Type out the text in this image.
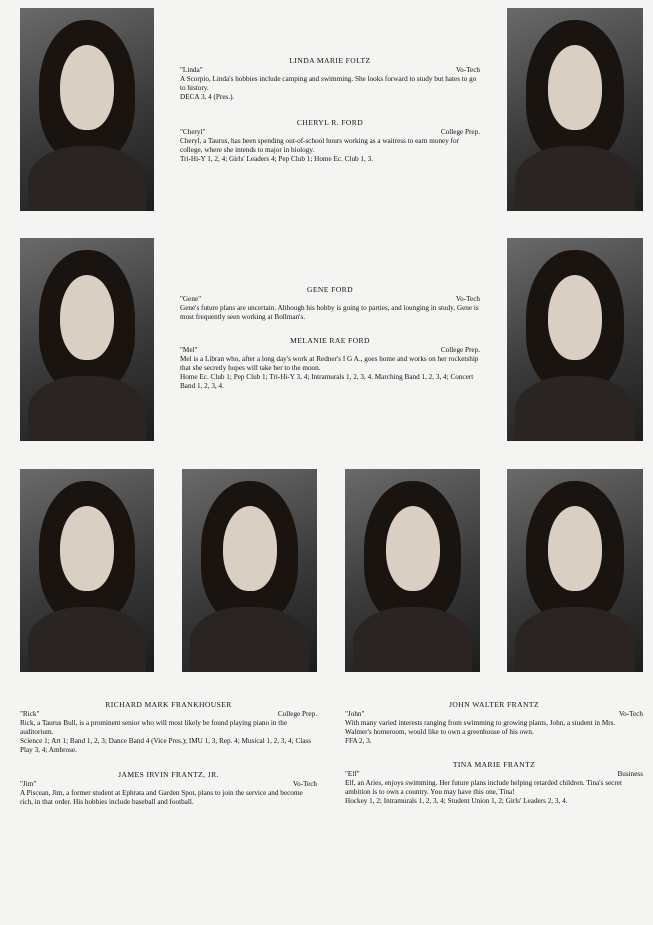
LINDA MARIE FOLTZ
"Linda"	Vo-Tech

A Scorpio, Linda's hobbies include camping and swimming. She looks forward to study but hates to go to history.

DECA 3, 4 (Pres.).

CHERYL R. FORD
"Cheryl"	College Prep.

Cheryl, a Taurus, has been spending out-of-school hours working as a waitress to earn money for college, where she intends to major in biology.

Tri-Hi-Y 1, 2, 4; Girls' Leaders 4; Pep Club 1; Home Ec. Club 1, 3.

GENE FORD
"Gene"	Vo-Tech

Gene's future plans are uncertain. Although his hobby is going to parties, and lounging in study, Gene is most frequently seen working at Bollman's.

MELANIE RAE FORD
"Mel"	College Prep.

Mel is a Libran who, after a long day's work at Redner's I G A., goes home and works on her rocketship that she secretly hopes will take her to the moon.

Home Ec. Club 1; Pep Club 1; Tri-Hi-Y 3, 4; Intramurals 1, 2, 3, 4. Marching Band 1, 2, 3, 4; Concert Band 1, 2, 3, 4.

RICHARD MARK FRANKHOUSER
"Rick"	College Prep.

Rick, a Taurus Bull, is a prominent senior who will most likely be found playing piano in the auditorium.

Science 1; Art 1; Band 1, 2, 3; Dance Band 4 (Vice Pres.); IMU 1, 3, Rep. 4; Musical 1, 2, 3, 4; Class Play 3, 4; Ambrose.

JAMES IRVIN FRANTZ, JR.
"Jim"	Vo-Tech

A Piscean, Jim, a former student at Ephrata and Garden Spot, plans to join the service and become rich, in that order. His hobbies include baseball and football.

JOHN WALTER FRANTZ
"John"	Vo-Tech

With many varied interests ranging from swimming to growing plants, John, a student in Mrs. Walmer's homeroom, would like to own a greenhouse of his own.

FFA 2, 3.

TINA MARIE FRANTZ
"Elf"	Business

Elf, an Aries, enjoys swimming. Her future plans include helping retarded children. Tina's secret ambition is to own a country. You may have this one, Tina!

Hockey 1, 2; Intramurals 1, 2, 3, 4; Student Union 1, 2; Girls' Leaders 2, 3, 4.
